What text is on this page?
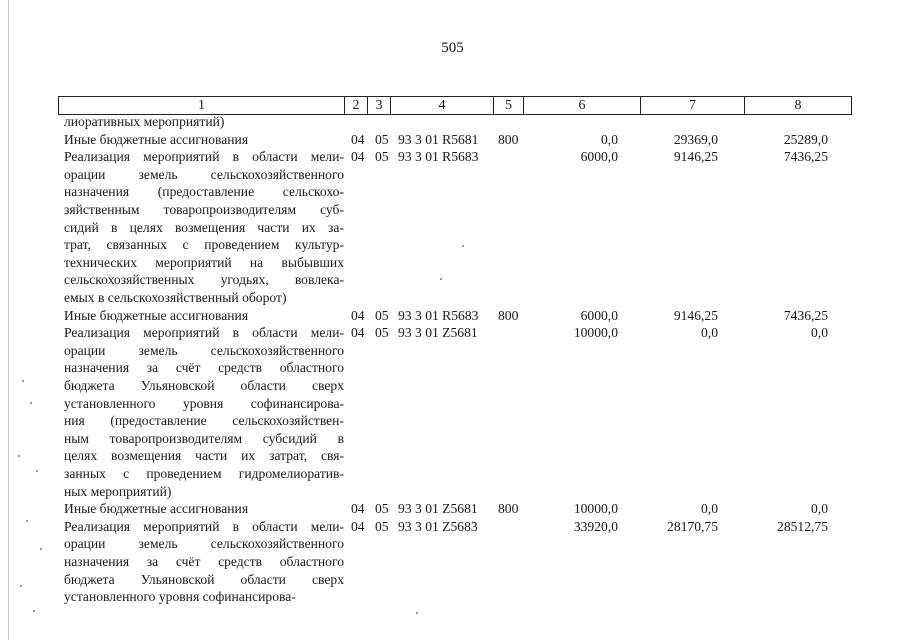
505
1	2	3	4	5	6	7	8
лиоративных мероприятий)
Иные бюджетные ассигнования	04 05 93 3 01 R5681 800	0,0	29369,0	25289,0
Реализация мероприятий в области мели-
орации земель сельскохозяйственного
назначения (предоставление сельскохо-
зяйственным товаропроизводителям суб-
сидий в целях возмещения части их за-
трат, связанных с проведением культур-
технических мероприятий на выбывших
сельскохозяйственных угодьях, вовлека-
емых в сельскохозяйственный оборот)
04 05 93 3 01 R5683	6000,0	9146,25	7436,25
Иные бюджетные ассигнования	04 05 93 3 01 R5683 800	6000,0	9146,25	7436,25
Реализация мероприятий в области мели-
орации земель сельскохозяйственного
назначения за счёт средств областного
бюджета Ульяновской области сверх
установленного уровня софинансирова-
ния (предоставление сельскохозяйствен-
ным товаропроизводителям субсидий в
целях возмещения части их затрат, свя-
занных с проведением гидромелиоратив-
ных мероприятий)
04 05 93 3 01 Z5681	10000,0	0,0	0,0
Иные бюджетные ассигнования	04 05 93 3 01 Z5681 800	10000,0	0,0	0,0
Реализация мероприятий в области мели-
орации земель сельскохозяйственного
назначения за счёт средств областного
бюджета Ульяновской области сверх
установленного уровня софинансирова-
04 05 93 3 01 Z5683	33920,0	28170,75	28512,75
